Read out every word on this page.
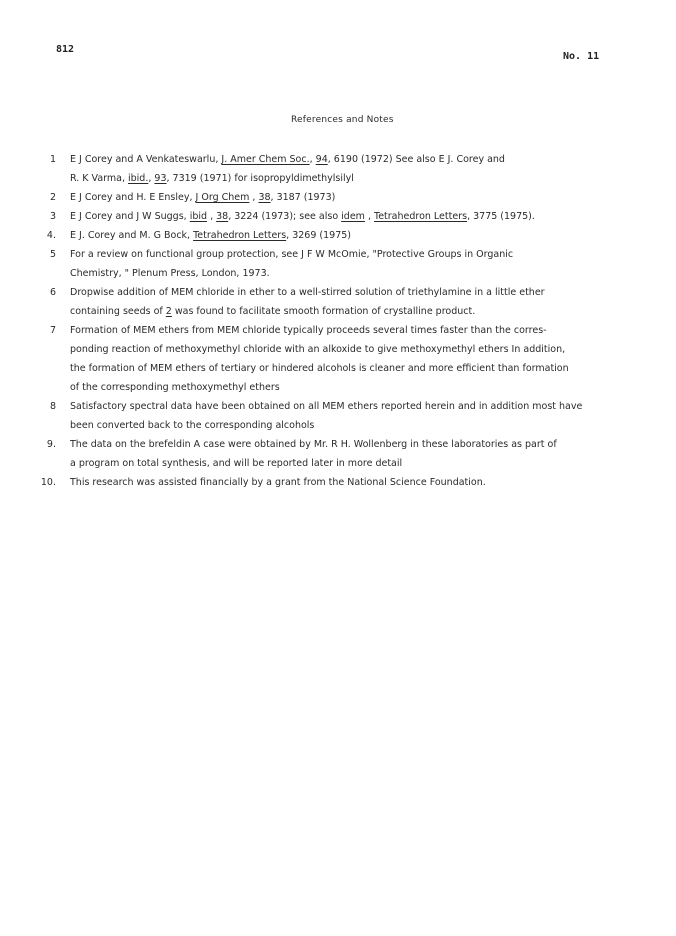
812
No. 11
References and Notes
1 E J Corey and A Venkateswarlu, J. Amer Chem Soc., 94, 6190 (1972) See also E J. Corey and
R. K Varma, ibid., 93, 7319 (1971) for isopropyldimethylsilyl
2 E J Corey and H. E Ensley, J Org Chem , 38, 3187 (1973)
3 E J Corey and J W Suggs, ibid , 38, 3224 (1973); see also idem , Tetrahedron Letters, 3775 (1975).
4. E J. Corey and M. G Bock, Tetrahedron Letters, 3269 (1975)
5 For a review on functional group protection, see J F W McOmie, "Protective Groups in Organic
Chemistry, " Plenum Press, London, 1973.
6 Dropwise addition of MEM chloride in ether to a well-stirred solution of triethylamine in a little ether
containing seeds of 2 was found to facilitate smooth formation of crystalline product.
7 Formation of MEM ethers from MEM chloride typically proceeds several times faster than the corres-
ponding reaction of methoxymethyl chloride with an alkoxide to give methoxymethyl ethers In addition,
the formation of MEM ethers of tertiary or hindered alcohols is cleaner and more efficient than formation
of the corresponding methoxymethyl ethers
8 Satisfactory spectral data have been obtained on all MEM ethers reported herein and in addition most have
been converted back to the corresponding alcohols
9. The data on the brefeldin A case were obtained by Mr. R H. Wollenberg in these laboratories as part of
a program on total synthesis, and will be reported later in more detail
10. This research was assisted financially by a grant from the National Science Foundation.
